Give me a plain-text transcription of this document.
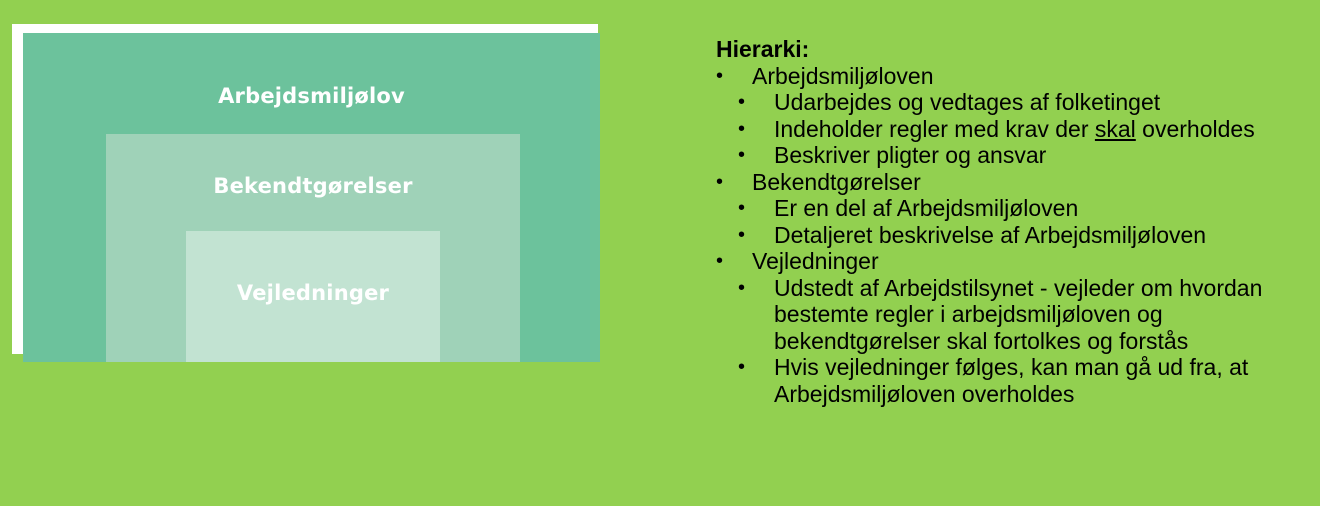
Arbejdsmiljølov
Bekendtgørelser
Vejledninger

Hierarki:

• Arbejdsmiljøloven
• Udarbejdes og vedtages af folketinget
• Indeholder regler med krav der skal overholdes
• Beskriver pligter og ansvar
• Bekendtgørelser
• Er en del af Arbejdsmiljøloven
• Detaljeret beskrivelse af Arbejdsmiljøloven
• Vejledninger
• Udstedt af Arbejdstilsynet - vejleder om hvordan bestemte regler i arbejdsmiljøloven og bekendtgørelser skal fortolkes og forstås
• Hvis vejledninger følges, kan man gå ud fra, at Arbejdsmiljøloven overholdes
